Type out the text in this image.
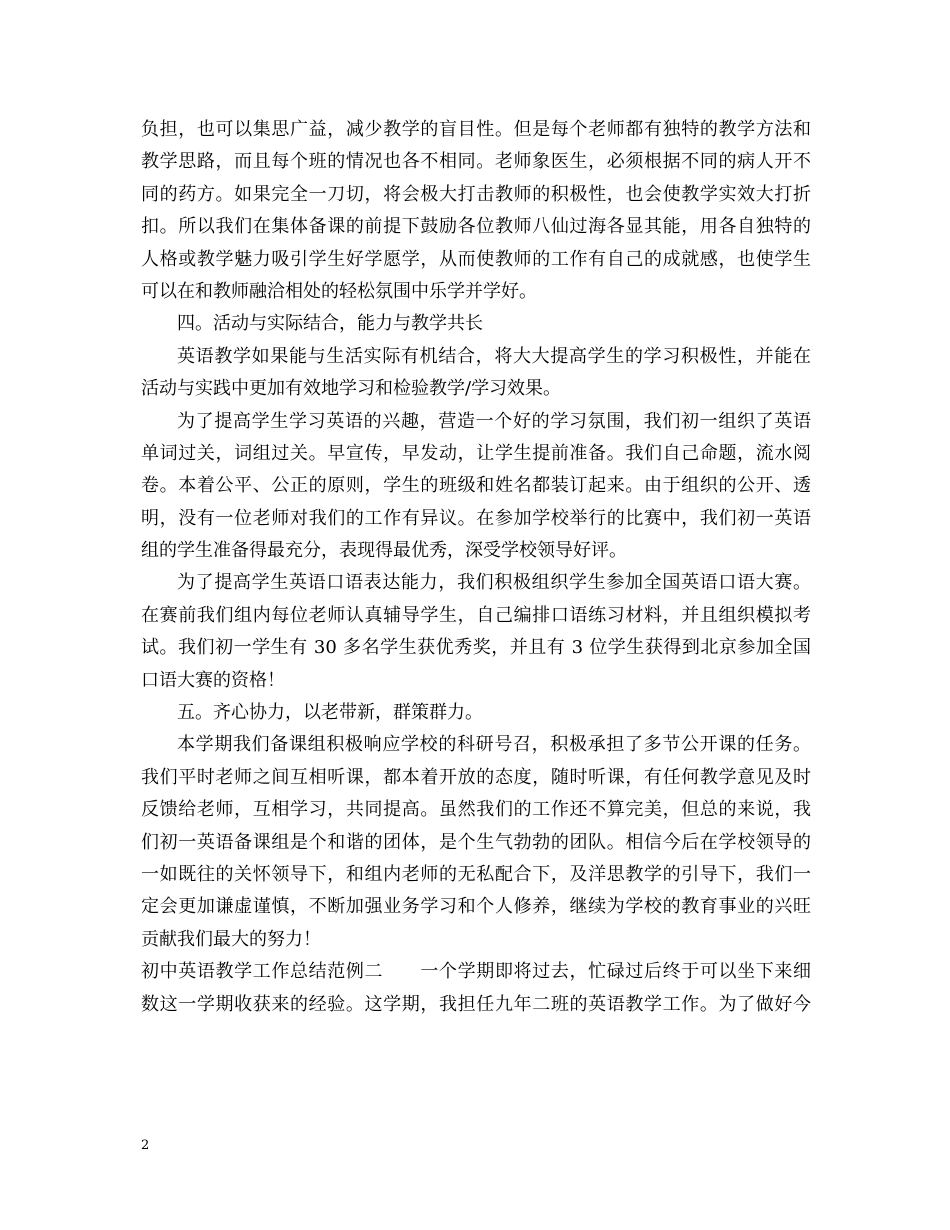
负担，也可以集思广益，减少教学的盲目性。但是每个老师都有独特的教学方法和
教学思路，而且每个班的情况也各不相同。老师象医生，必须根据不同的病人开不
同的药方。如果完全一刀切，将会极大打击教师的积极性，也会使教学实效大打折
扣。所以我们在集体备课的前提下鼓励各位教师八仙过海各显其能，用各自独特的
人格或教学魅力吸引学生好学愿学，从而使教师的工作有自己的成就感，也使学生
可以在和教师融洽相处的轻松氛围中乐学并学好。
四。活动与实际结合，能力与教学共长
英语教学如果能与生活实际有机结合，将大大提高学生的学习积极性，并能在
活动与实践中更加有效地学习和检验教学/学习效果。
为了提高学生学习英语的兴趣，营造一个好的学习氛围，我们初一组织了英语
单词过关，词组过关。早宣传，早发动，让学生提前准备。我们自己命题，流水阅
卷。本着公平、公正的原则，学生的班级和姓名都装订起来。由于组织的公开、透
明，没有一位老师对我们的工作有异议。在参加学校举行的比赛中，我们初一英语
组的学生准备得最充分，表现得最优秀，深受学校领导好评。
为了提高学生英语口语表达能力，我们积极组织学生参加全国英语口语大赛。
在赛前我们组内每位老师认真辅导学生，自己编排口语练习材料，并且组织模拟考
试。我们初一学生有 30 多名学生获优秀奖，并且有 3 位学生获得到北京参加全国
口语大赛的资格！
五。齐心协力，以老带新，群策群力。
本学期我们备课组积极响应学校的科研号召，积极承担了多节公开课的任务。
我们平时老师之间互相听课，都本着开放的态度，随时听课，有任何教学意见及时
反馈给老师，互相学习，共同提高。虽然我们的工作还不算完美，但总的来说，我
们初一英语备课组是个和谐的团体，是个生气勃勃的团队。相信今后在学校领导的
一如既往的关怀领导下，和组内老师的无私配合下，及洋思教学的引导下，我们一
定会更加谦虚谨慎，不断加强业务学习和个人修养，继续为学校的教育事业的兴旺
贡献我们最大的努力！
初中英语教学工作总结范例二　　一个学期即将过去，忙碌过后终于可以坐下来细
数这一学期收获来的经验。这学期，我担任九年二班的英语教学工作。为了做好今
2
